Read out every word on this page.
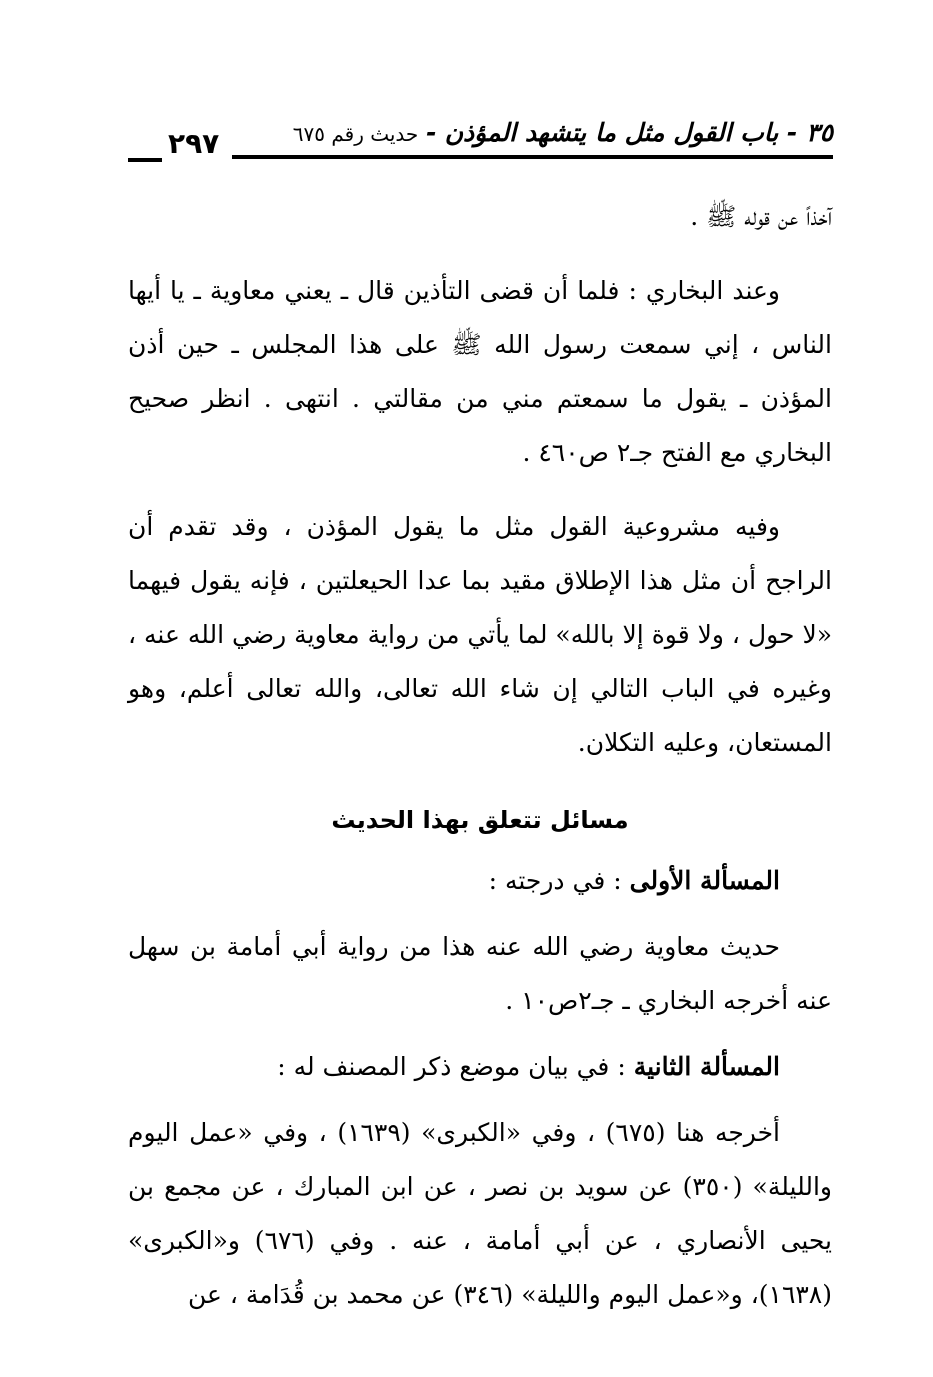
٢٩٧	٣٥ - باب القول مثل ما يتشهد المؤذن-حديث رقم ٦٧٥

آخذاً عن قوله ﷺ .

وعند البخاري : فلما أن قضى التأذين قال ـ يعني معاوية ـ يا أيها الناس ، إني سمعت رسول الله ﷺ على هذا المجلس ـ حين أذن المؤذن ـ يقول ما سمعتم مني من مقالتي . انتهى . انظر صحيح البخاري مع الفتح جـ٢ ص٤٦٠ .

وفيه مشروعية القول مثل ما يقول المؤذن ، وقد تقدم أن الراجح أن مثل هذا الإطلاق مقيد بما عدا الحيعلتين ، فإنه يقول فيهما «لا حول ، ولا قوة إلا بالله» لما يأتي من رواية معاوية رضي الله عنه ، وغيره في الباب التالي إن شاء الله تعالى، والله تعالى أعلم، وهو المستعان، وعليه التكلان.

مسائل تتعلق بهذا الحديث

المسألة الأولى : في درجته :

حديث معاوية رضي الله عنه هذا من رواية أبي أمامة بن سهل عنه أخرجه البخاري ـ جـ٢ص١٠ .

المسألة الثانية : في بيان موضع ذكر المصنف له :

أخرجه هنا (٦٧٥) ، وفي «الكبرى» (١٦٣٩) ، وفي «عمل اليوم والليلة» (٣٥٠) عن سويد بن نصر ، عن ابن المبارك ، عن مجمع بن يحيى الأنصاري ، عن أبي أمامة ، عنه . وفي (٦٧٦) و«الكبرى» (١٦٣٨)، و«عمل اليوم والليلة» (٣٤٦) عن محمد بن قُدَامة ، عن
